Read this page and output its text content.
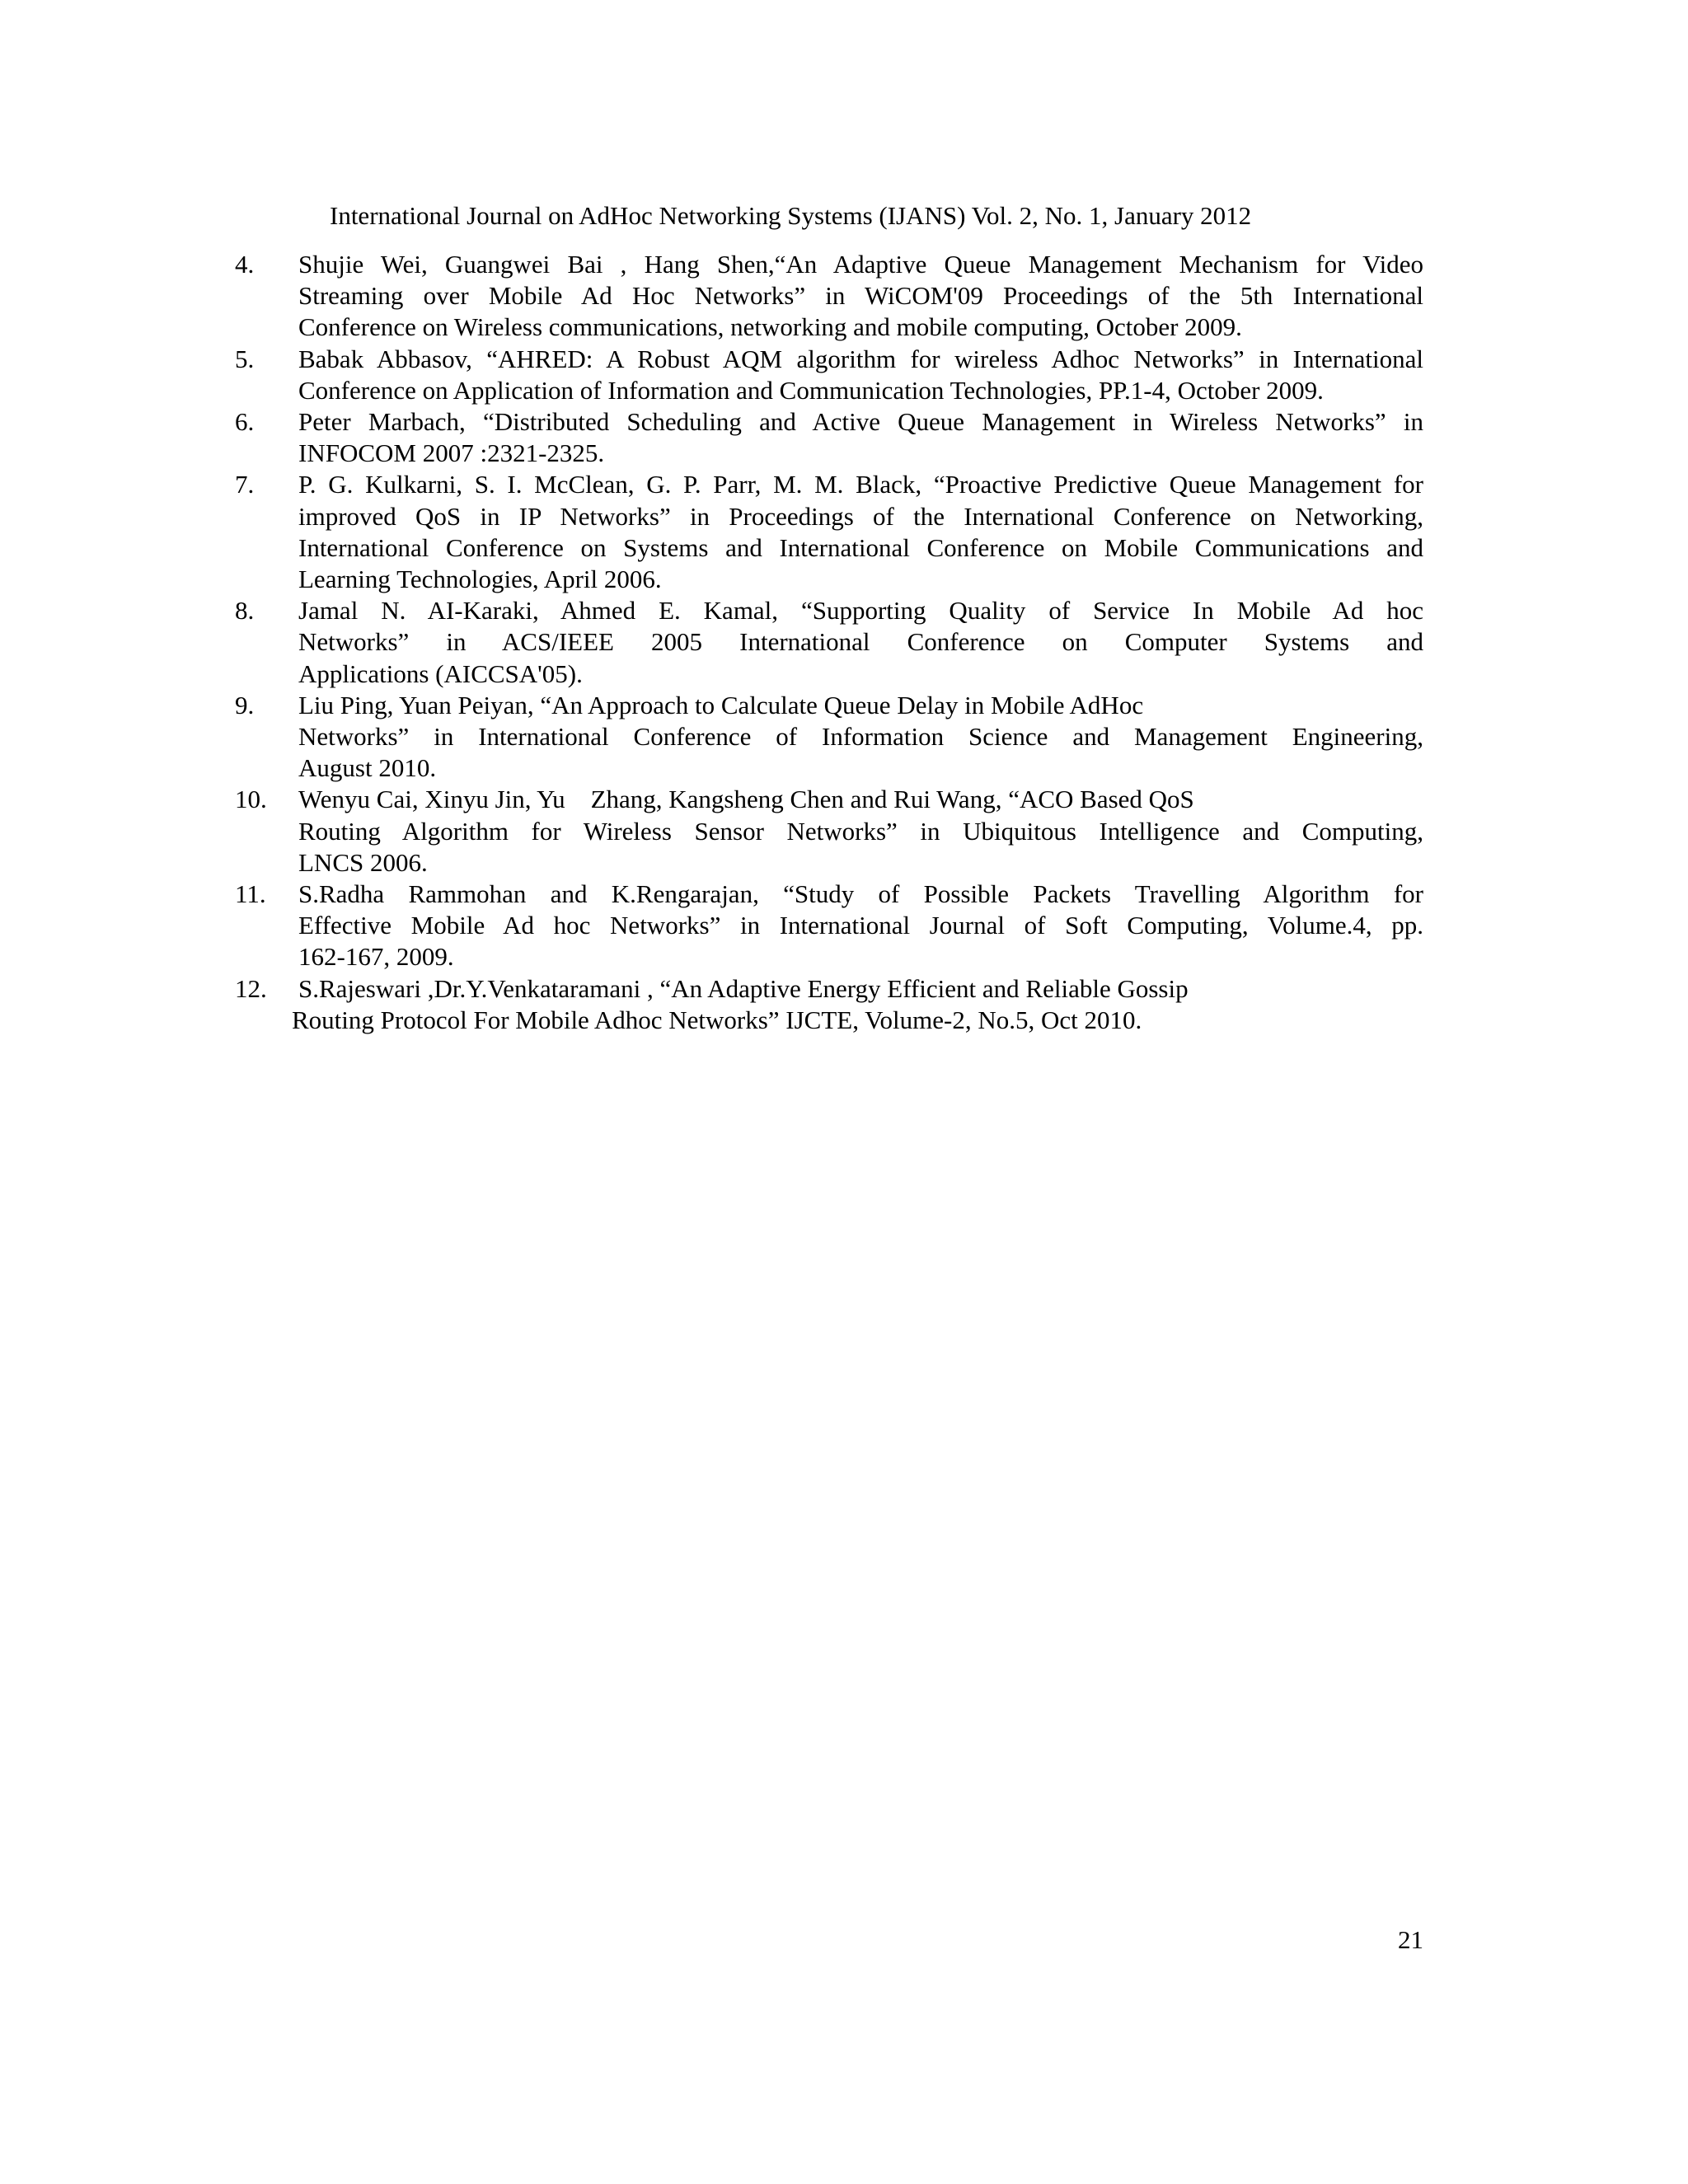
International Journal on AdHoc Networking Systems (IJANS) Vol. 2, No. 1, January 2012
4.	Shujie Wei, Guangwei Bai , Hang Shen,“An Adaptive Queue Management Mechanism for Video
Streaming over Mobile Ad Hoc Networks” in WiCOM'09 Proceedings of the 5th International
Conference on Wireless communications, networking and mobile computing, October 2009.
5.	Babak Abbasov, “AHRED: A Robust AQM algorithm for wireless Adhoc Networks” in International
Conference on Application of Information and Communication Technologies, PP.1-4, October 2009.
6.	Peter Marbach, “Distributed Scheduling and Active Queue Management in Wireless Networks” in
INFOCOM 2007 :2321-2325.
7.	P. G. Kulkarni, S. I. McClean, G. P. Parr, M. M. Black, “Proactive Predictive Queue Management for
improved QoS in IP Networks” in Proceedings of the International Conference on Networking,
International Conference on Systems and International Conference on Mobile Communications and
Learning Technologies, April 2006.
8.	Jamal N. AI-Karaki, Ahmed E. Kamal, “Supporting Quality of Service In Mobile Ad hoc
Networks” in ACS/IEEE 2005 International Conference on Computer Systems and
Applications (AICCSA'05).
9.	Liu Ping, Yuan Peiyan, “An Approach to Calculate Queue Delay in Mobile AdHoc
Networks” in International Conference of Information Science and Management Engineering,
August 2010.
10.	Wenyu Cai, Xinyu Jin, Yu    Zhang, Kangsheng Chen and Rui Wang, “ACO Based QoS
Routing Algorithm for Wireless Sensor Networks” in Ubiquitous Intelligence and Computing,
LNCS 2006.
11.	S.Radha Rammohan and K.Rengarajan, “Study of Possible Packets Travelling Algorithm for
Effective Mobile Ad hoc Networks” in International Journal of Soft Computing, Volume.4, pp.
162-167, 2009.
12.	S.Rajeswari ,Dr.Y.Venkataramani , “An Adaptive Energy Efficient and Reliable Gossip
Routing Protocol For Mobile Adhoc Networks” IJCTE, Volume-2, No.5, Oct 2010.
21
